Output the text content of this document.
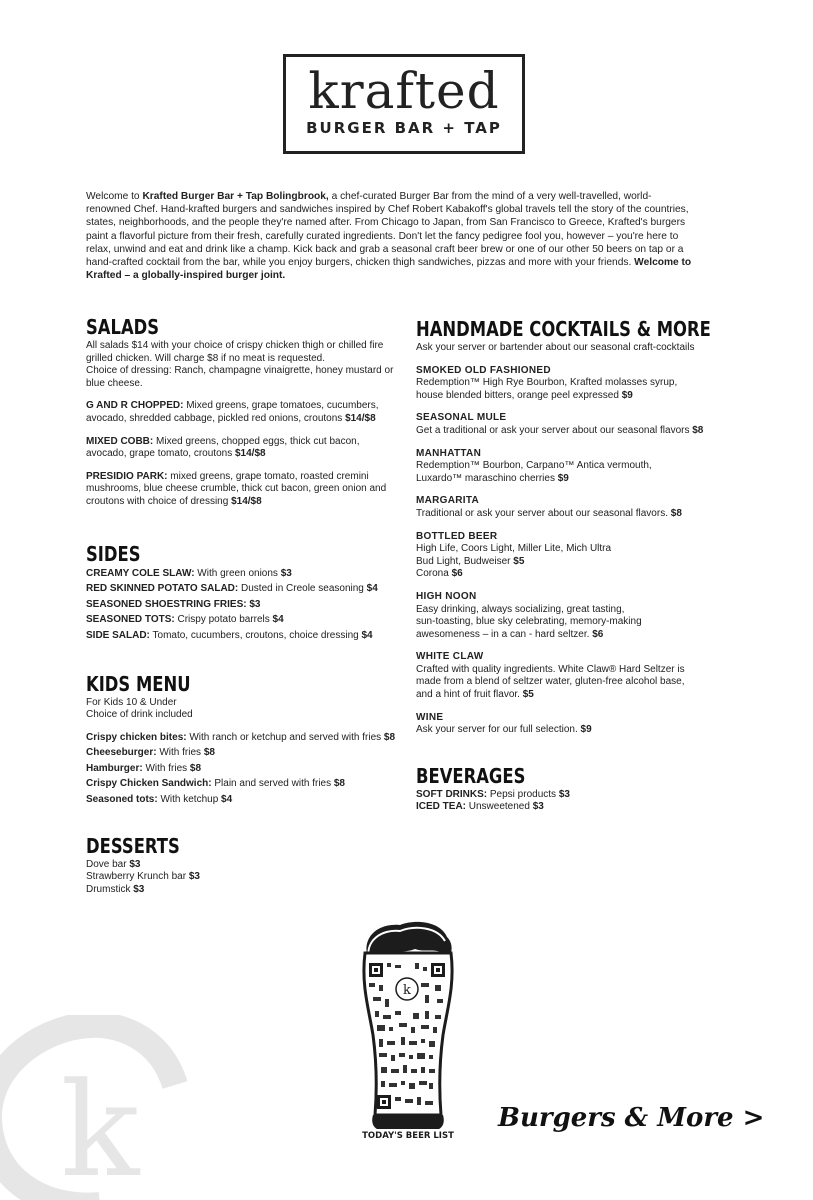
krafted
BURGER BAR + TAP
Welcome to Krafted Burger Bar + Tap Bolingbrook, a chef-curated Burger Bar from the mind of a very well-travelled, world-renowned Chef. Hand-krafted burgers and sandwiches inspired by Chef Robert Kabakoff's global travels tell the story of the countries, states, neighborhoods, and the people they're named after. From Chicago to Japan, from San Francisco to Greece, Krafted's burgers paint a flavorful picture from their fresh, carefully curated ingredients. Don't let the fancy pedigree fool you, however – you're here to relax, unwind and eat and drink like a champ. Kick back and grab a seasonal craft beer brew or one of our other 50 beers on tap or a hand-crafted cocktail from the bar, while you enjoy burgers, chicken thigh sandwiches, pizzas and more with your friends. Welcome to Krafted – a globally-inspired burger joint.
SALADS

All salads $14 with your choice of crispy chicken thigh or chilled fire grilled chicken. Will charge $8 if no meat is requested.

Choice of dressing: Ranch, champagne vinaigrette, honey mustard or blue cheese.

G AND R CHOPPED: Mixed greens, grape tomatoes, cucumbers, avocado, shredded cabbage, pickled red onions, croutons $14/$8
MIXED COBB: Mixed greens, chopped eggs, thick cut bacon, avocado, grape tomato, croutons $14/$8
PRESIDIO PARK: mixed greens, grape tomato, roasted cremini mushrooms, blue cheese crumble, thick cut bacon, green onion and croutons with choice of dressing $14/$8
SIDES
CREAMY COLE SLAW: With green onions $3
RED SKINNED POTATO SALAD: Dusted in Creole seasoning $4
SEASONED SHOESTRING FRIES: $3
SEASONED TOTS: Crispy potato barrels $4
SIDE SALAD: Tomato, cucumbers, croutons, choice dressing $4
KIDS MENU

For Kids 10 & Under

Choice of drink included

Crispy chicken bites: With ranch or ketchup and served with fries $8
Cheeseburger: With fries $8
Hamburger: With fries $8
Crispy Chicken Sandwich: Plain and served with fries $8
Seasoned tots: With ketchup $4
DESSERTS

Dove bar $3

Strawberry Krunch bar $3

Drumstick $3

HANDMADE COCKTAILS & MORE

Ask your server or bartender about our seasonal craft-cocktails

SMOKED OLD FASHIONED

Redemption™ High Rye Bourbon, Krafted molasses syrup,

house blended bitters, orange peel expressed $9

SEASONAL MULE

Get a traditional or ask your server about our seasonal flavors $8

MANHATTAN

Redemption™ Bourbon, Carpano™ Antica vermouth,

Luxardo™ maraschino cherries $9

MARGARITA

Traditional or ask your server about our seasonal flavors. $8

BOTTLED BEER

High Life, Coors Light, Miller Lite, Mich Ultra

Bud Light, Budweiser $5

Corona $6

HIGH NOON

Easy drinking, always socializing, great tasting,

sun-toasting, blue sky celebrating, memory-making

awesomeness – in a can - hard seltzer. $6

WHITE CLAW

Crafted with quality ingredients. White Claw® Hard Seltzer is

made from a blend of seltzer water, gluten-free alcohol base,

and a hint of fruit flavor. $5

WINE

Ask your server for our full selection. $9

BEVERAGES

SOFT DRINKS: Pepsi products $3

ICED TEA: Unsweetened $3

k
TODAY'S BEER LIST
k	Burgers & More >
